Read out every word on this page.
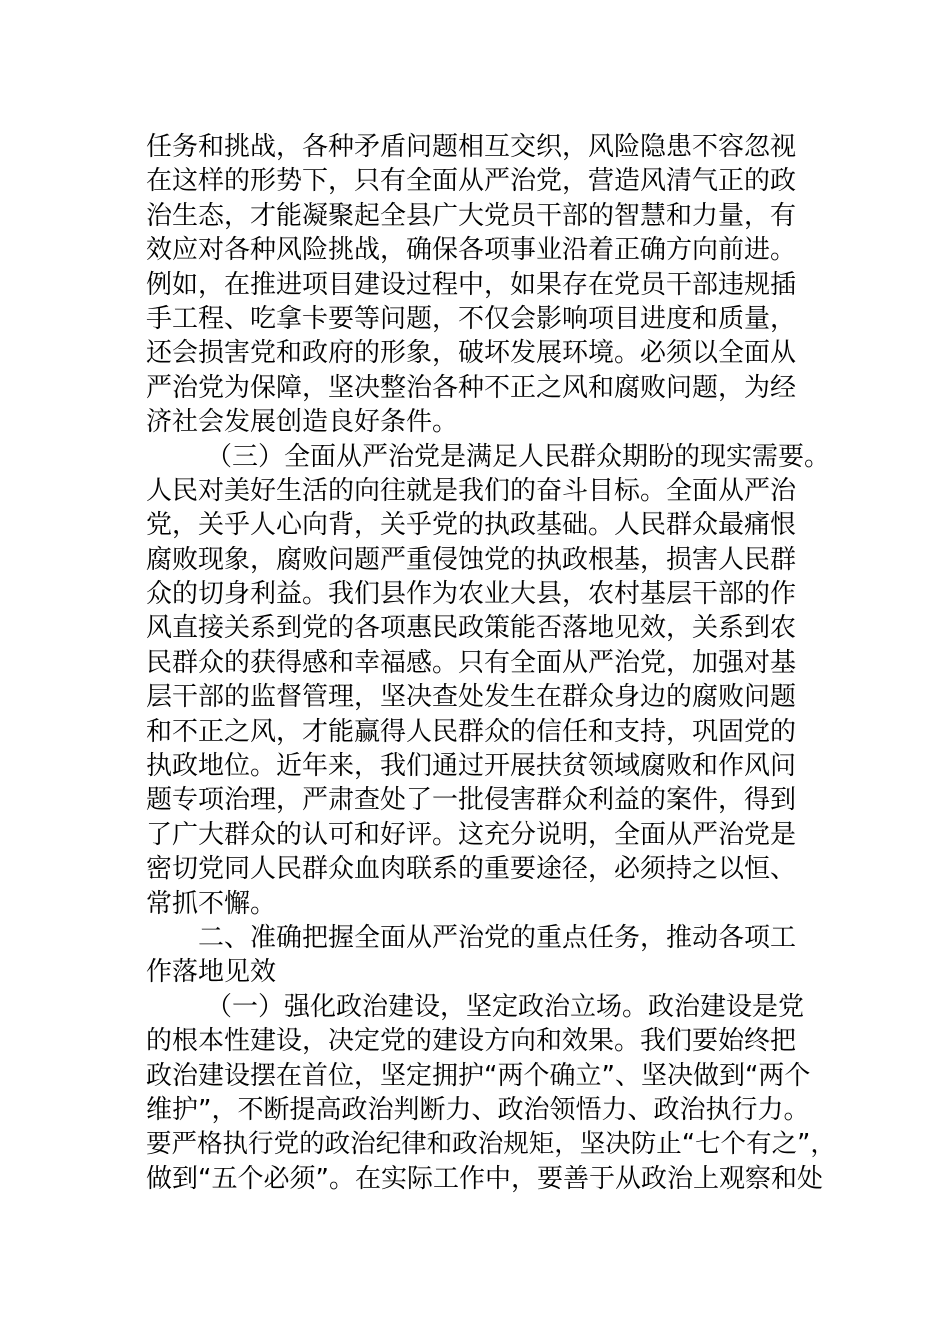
任务和挑战，各种矛盾问题相互交织，风险隐患不容忽视
在这样的形势下，只有全面从严治党，营造风清气正的政
治生态，才能凝聚起全县广大党员干部的智慧和力量，有
效应对各种风险挑战，确保各项事业沿着正确方向前进。
例如，在推进项目建设过程中，如果存在党员干部违规插
手工程、吃拿卡要等问题，不仅会影响项目进度和质量，
还会损害党和政府的形象，破坏发展环境。必须以全面从
严治党为保障，坚决整治各种不正之风和腐败问题，为经
济社会发展创造良好条件。
（三）全面从严治党是满足人民群众期盼的现实需要。
人民对美好生活的向往就是我们的奋斗目标。全面从严治
党，关乎人心向背，关乎党的执政基础。人民群众最痛恨
腐败现象，腐败问题严重侵蚀党的执政根基，损害人民群
众的切身利益。我们县作为农业大县，农村基层干部的作
风直接关系到党的各项惠民政策能否落地见效，关系到农
民群众的获得感和幸福感。只有全面从严治党，加强对基
层干部的监督管理，坚决查处发生在群众身边的腐败问题
和不正之风，才能赢得人民群众的信任和支持，巩固党的
执政地位。近年来，我们通过开展扶贫领域腐败和作风问
题专项治理，严肃查处了一批侵害群众利益的案件，得到
了广大群众的认可和好评。这充分说明，全面从严治党是
密切党同人民群众血肉联系的重要途径，必须持之以恒、
常抓不懈。
二、准确把握全面从严治党的重点任务，推动各项工
作落地见效
（一）强化政治建设，坚定政治立场。政治建设是党
的根本性建设，决定党的建设方向和效果。我们要始终把
政治建设摆在首位，坚定拥护“两个确立”、坚决做到“两个
维护”，不断提高政治判断力、政治领悟力、政治执行力。
要严格执行党的政治纪律和政治规矩，坚决防止“七个有之”，
做到“五个必须”。在实际工作中，要善于从政治上观察和处
